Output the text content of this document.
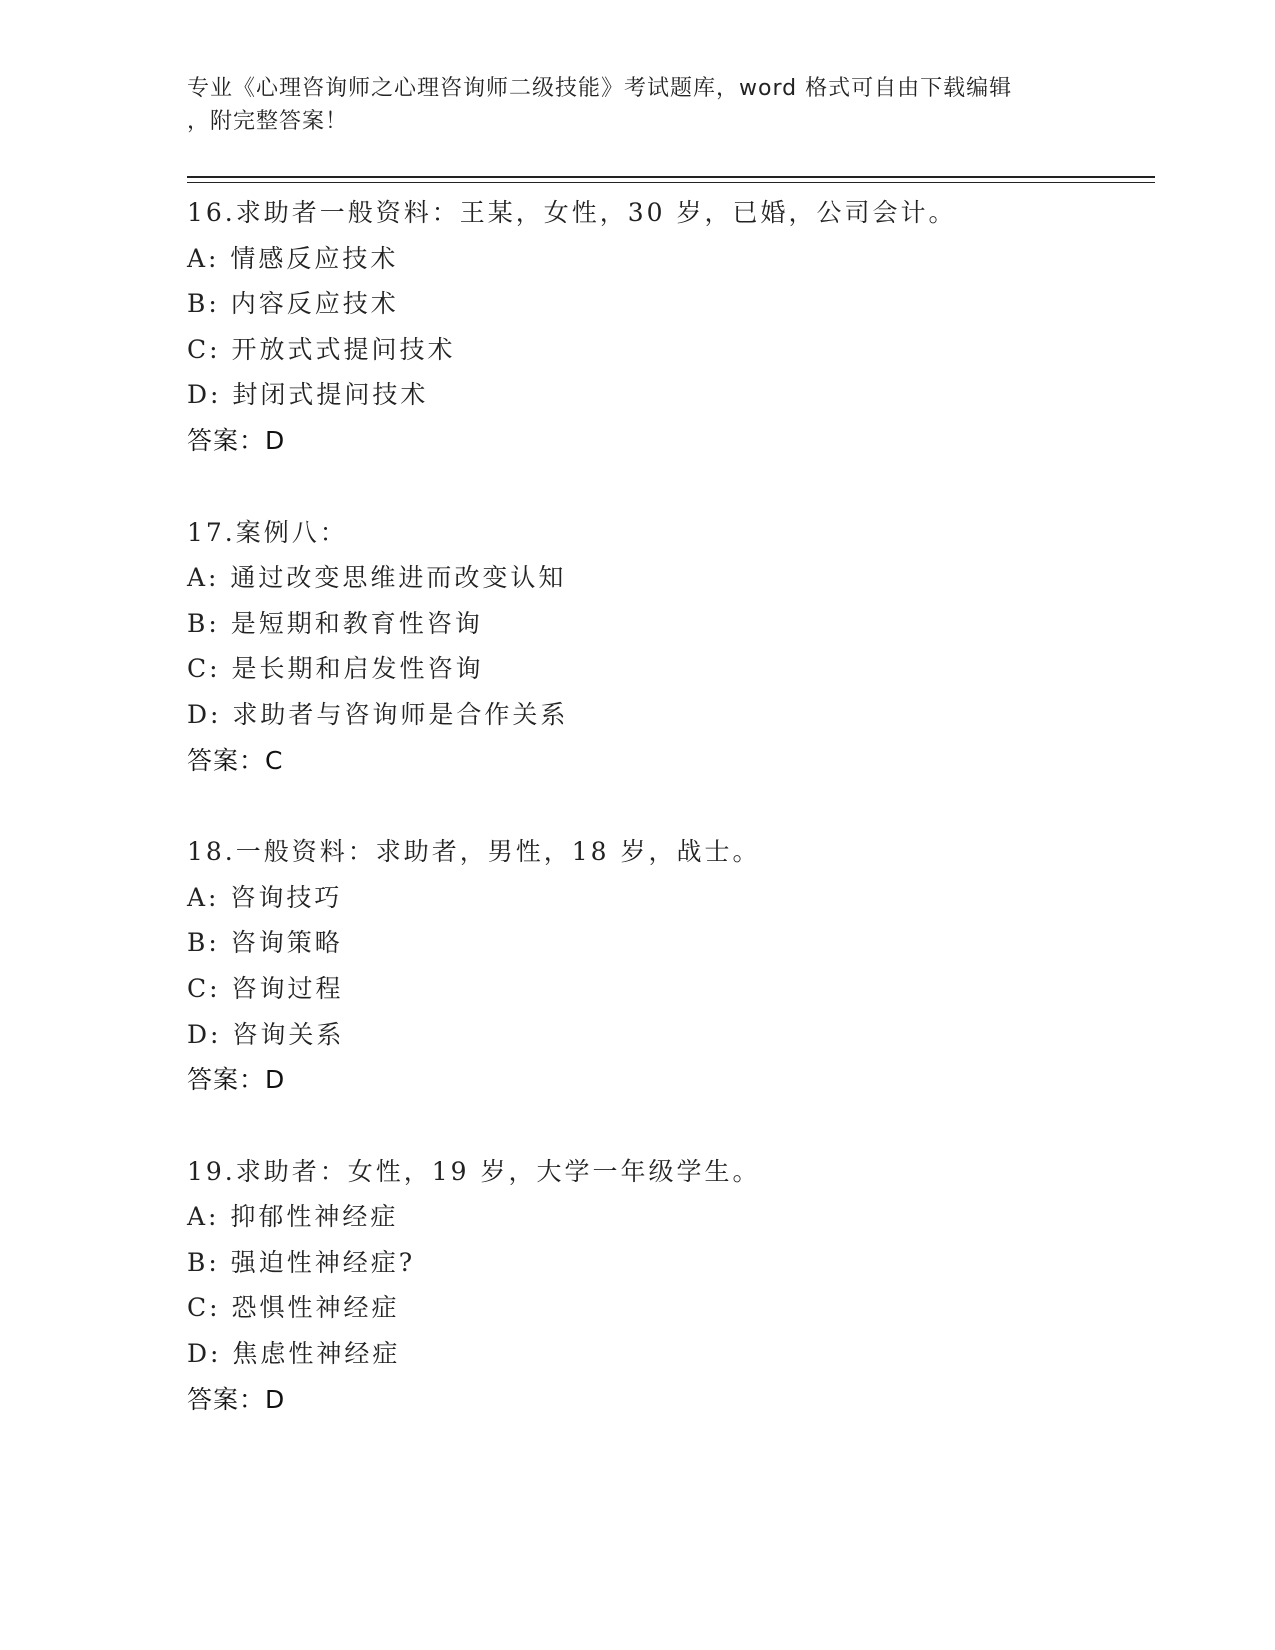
专业《心理咨询师之心理咨询师二级技能》考试题库，word 格式可自由下载编辑
，附完整答案！
16.求助者一般资料：王某，女性，30 岁，已婚，公司会计。
A: 情感反应技术
B: 内容反应技术
C: 开放式式提问技术
D: 封闭式提问技术
答案：D
17.案例八：
A: 通过改变思维进而改变认知
B: 是短期和教育性咨询
C: 是长期和启发性咨询
D: 求助者与咨询师是合作关系
答案：C
18.一般资料：求助者，男性，18 岁，战士。
A: 咨询技巧
B: 咨询策略
C: 咨询过程
D: 咨询关系
答案：D
19.求助者：女性，19 岁，大学一年级学生。
A: 抑郁性神经症
B: 强迫性神经症?
C: 恐惧性神经症
D: 焦虑性神经症
答案：D
